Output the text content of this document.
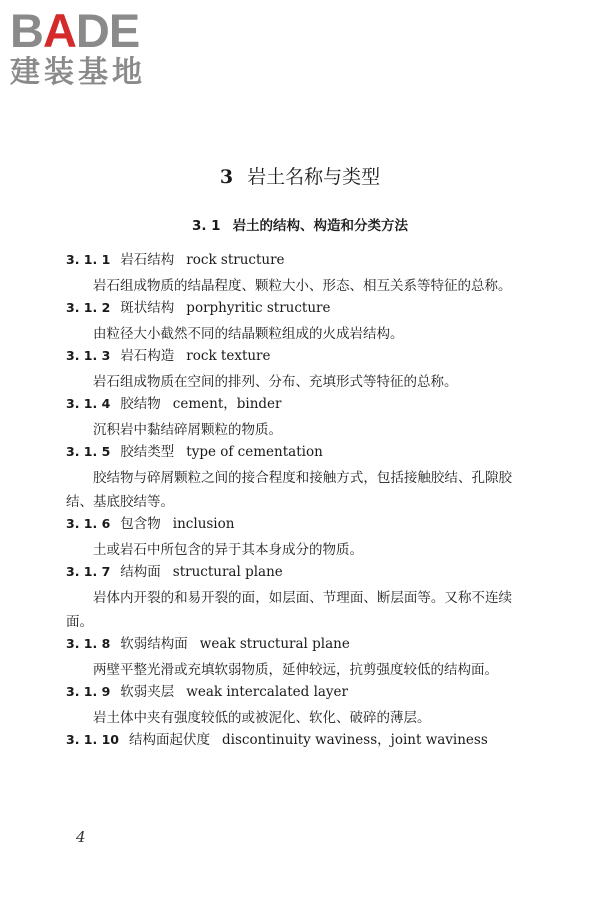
BADE
建装基地
3 岩土名称与类型
3. 1 岩土的结构、构造和分类方法
3. 1. 1 岩石结构 rock structure

岩石组成物质的结晶程度、颗粒大小、形态、相互关系等特征的总称。

3. 1. 2 斑状结构 porphyritic structure

由粒径大小截然不同的结晶颗粒组成的火成岩结构。

3. 1. 3 岩石构造 rock texture

岩石组成物质在空间的排列、分布、充填形式等特征的总称。

3. 1. 4 胶结物 cement，binder

沉积岩中黏结碎屑颗粒的物质。

3. 1. 5 胶结类型 type of cementation

胶结物与碎屑颗粒之间的接合程度和接触方式，包括接触胶结、孔隙胶结、基底胶结等。

3. 1. 6 包含物 inclusion

土或岩石中所包含的异于其本身成分的物质。

3. 1. 7 结构面 structural plane

岩体内开裂的和易开裂的面，如层面、节理面、断层面等。又称不连续面。

3. 1. 8 软弱结构面 weak structural plane

两壁平整光滑或充填软弱物质，延伸较远，抗剪强度较低的结构面。

3. 1. 9 软弱夹层 weak intercalated layer

岩土体中夹有强度较低的或被泥化、软化、破碎的薄层。

3. 1. 10 结构面起伏度 discontinuity waviness，joint waviness
4
